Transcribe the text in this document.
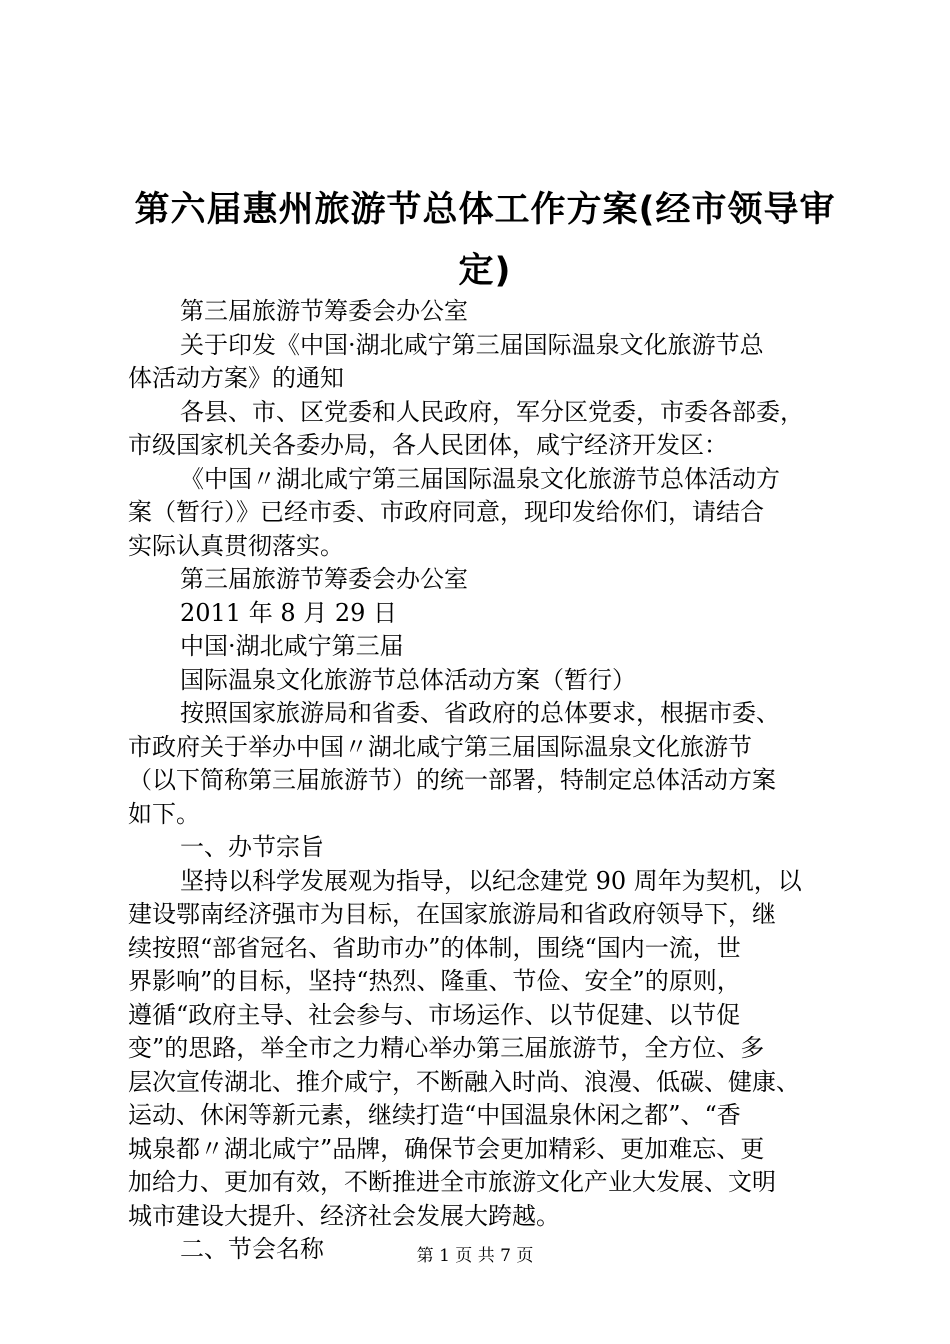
第六届惠州旅游节总体工作方案(经市领导审
定)
第三届旅游节筹委会办公室
关于印发《中国·湖北咸宁第三届国际温泉文化旅游节总
体活动方案》的通知
各县、市、区党委和人民政府，军分区党委，市委各部委，
市级国家机关各委办局，各人民团体，咸宁经济开发区：
《中国〃湖北咸宁第三届国际温泉文化旅游节总体活动方
案（暂行）》已经市委、市政府同意，现印发给你们，请结合
实际认真贯彻落实。
第三届旅游节筹委会办公室
2011 年 8 月 29 日
中国·湖北咸宁第三届
国际温泉文化旅游节总体活动方案（暂行）
按照国家旅游局和省委、省政府的总体要求，根据市委、
市政府关于举办中国〃湖北咸宁第三届国际温泉文化旅游节
（以下简称第三届旅游节）的统一部署，特制定总体活动方案
如下。
一、办节宗旨
坚持以科学发展观为指导，以纪念建党 90 周年为契机，以
建设鄂南经济强市为目标，在国家旅游局和省政府领导下，继
续按照“部省冠名、省助市办”的体制，围绕“国内一流，世
界影响”的目标，坚持“热烈、隆重、节俭、安全”的原则，
遵循“政府主导、社会参与、市场运作、以节促建、以节促
变”的思路，举全市之力精心举办第三届旅游节，全方位、多
层次宣传湖北、推介咸宁，不断融入时尚、浪漫、低碳、健康、
运动、休闲等新元素，继续打造“中国温泉休闲之都”、“香
城泉都〃湖北咸宁”品牌，确保节会更加精彩、更加难忘、更
加给力、更加有效，不断推进全市旅游文化产业大发展、文明
城市建设大提升、经济社会发展大跨越。
二、节会名称	第 1 页 共 7 页
